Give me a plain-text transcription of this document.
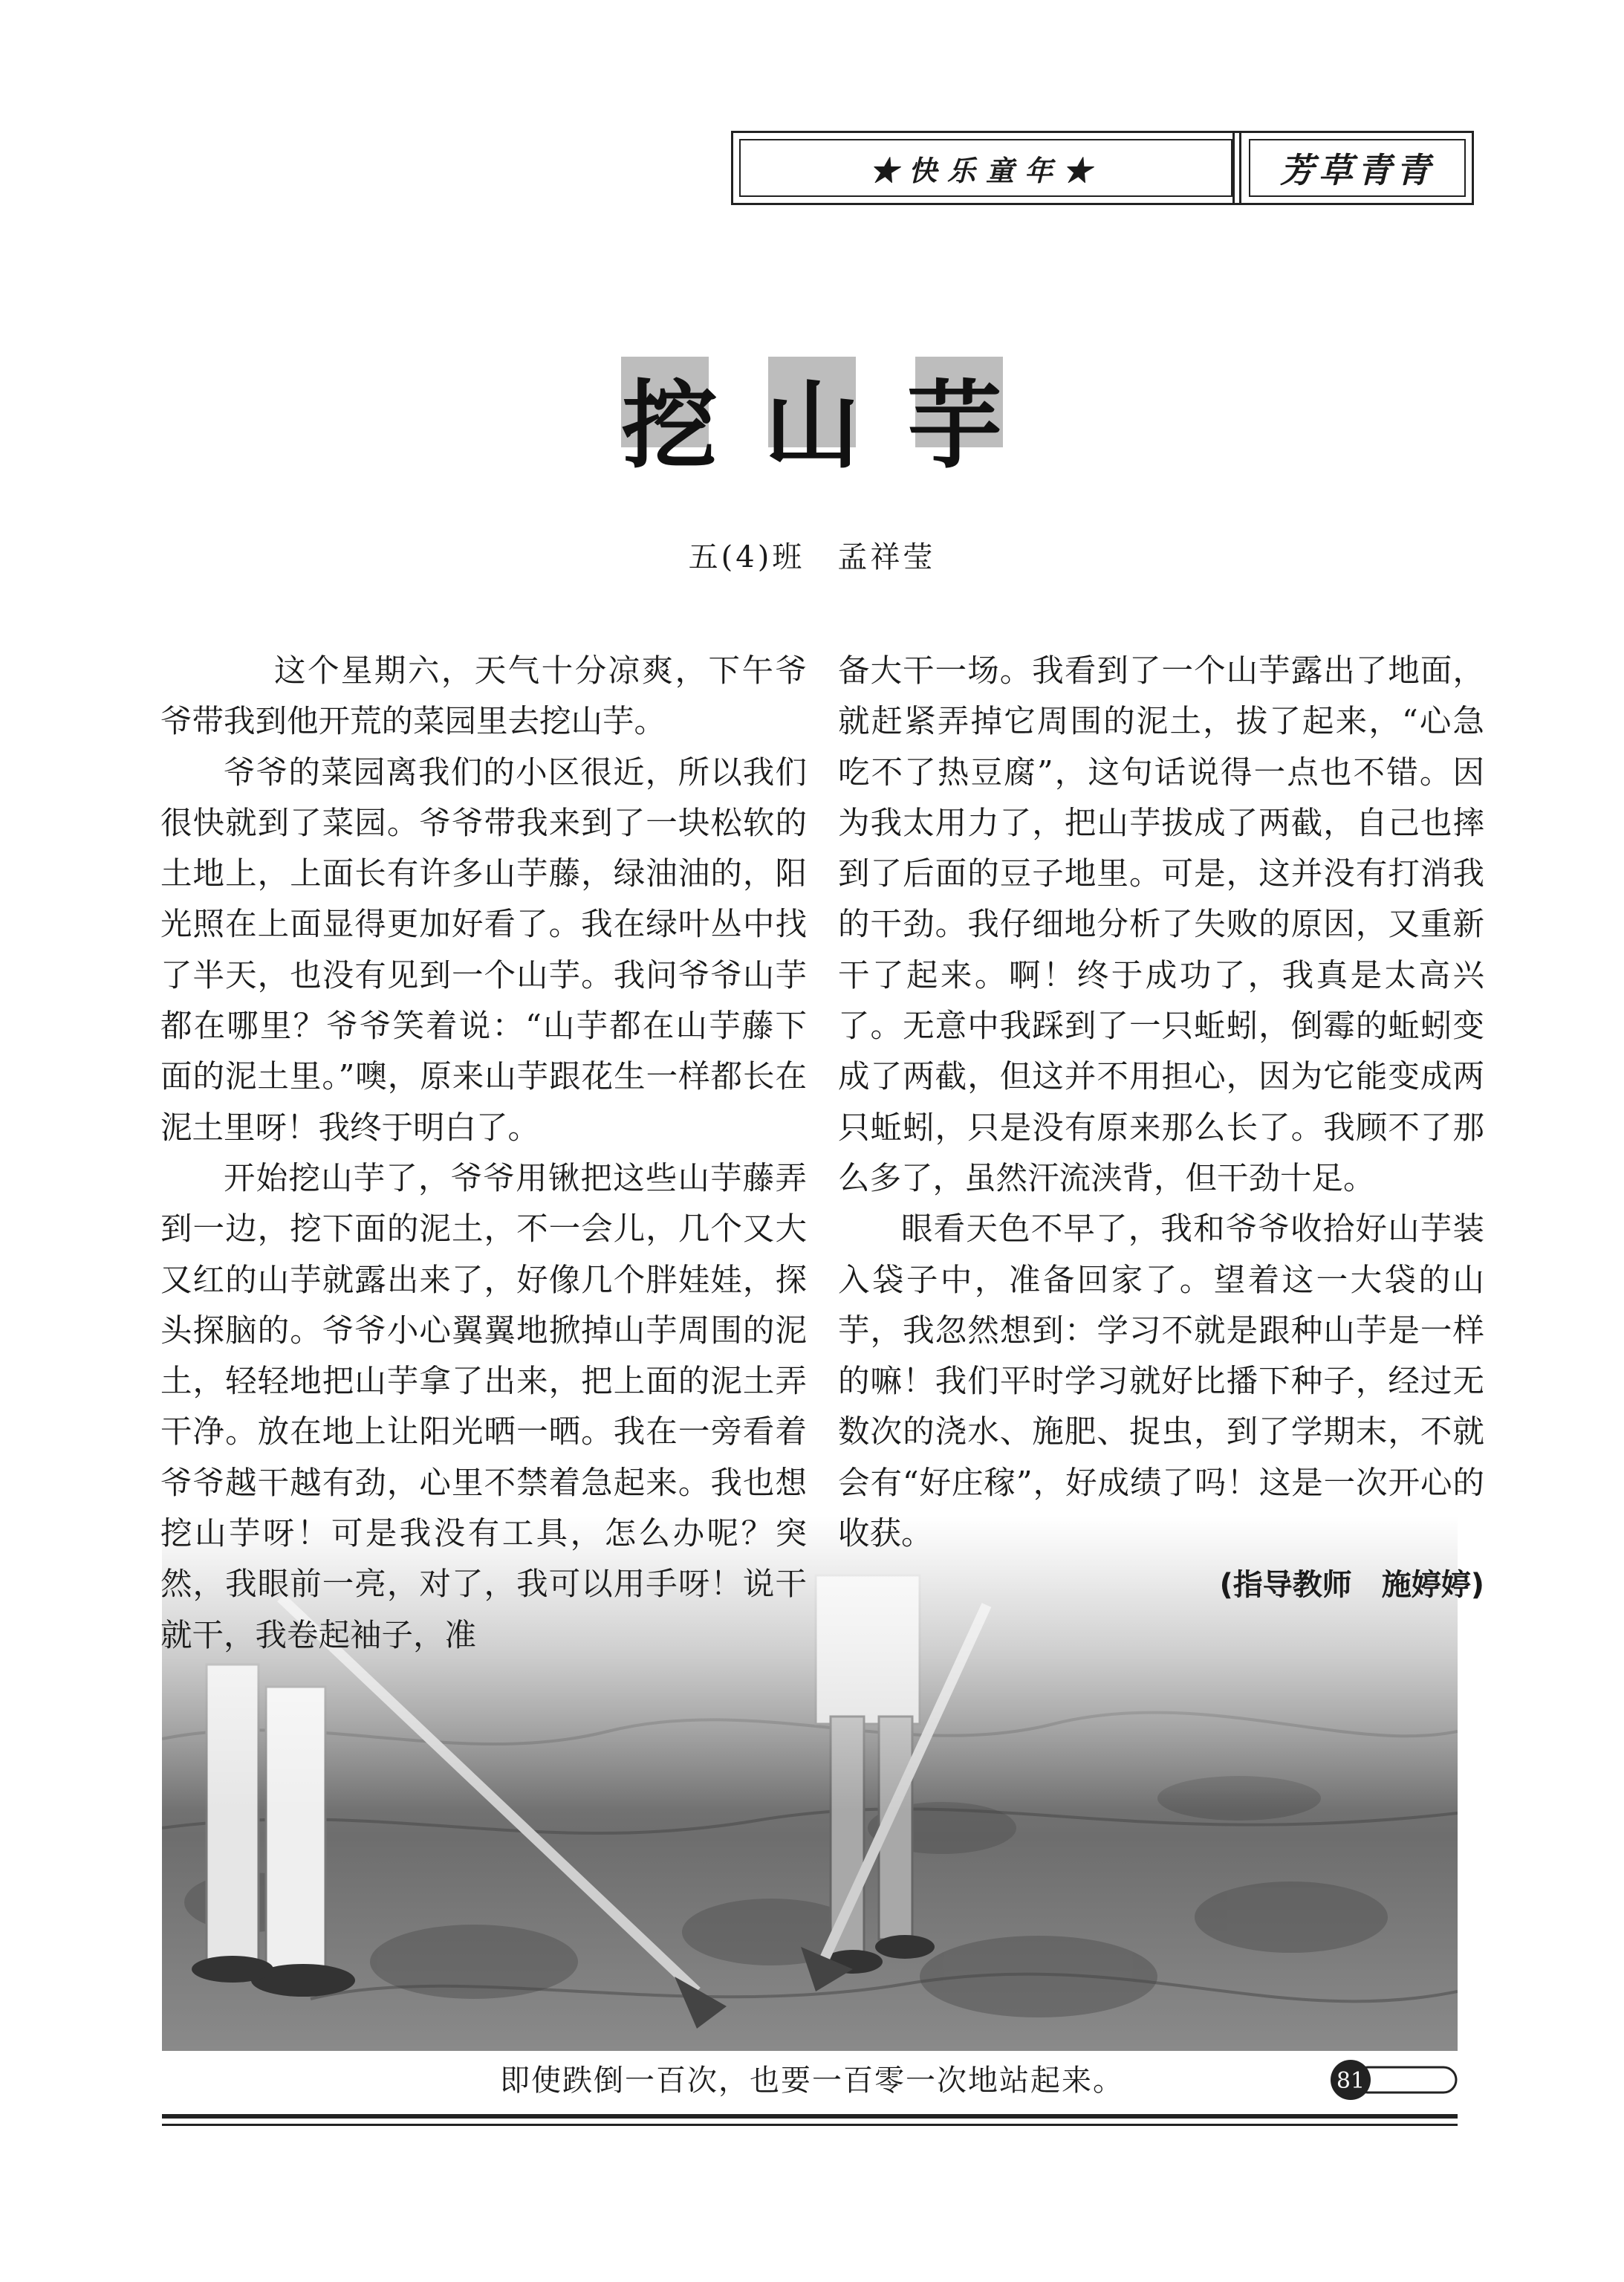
★快乐童年★	芳草青青
挖山芋
五(4)班　孟祥莹

这个星期六，天气十分凉爽，下午爷爷带我到他开荒的菜园里去挖山芋。

爷爷的菜园离我们的小区很近，所以我们很快就到了菜园。爷爷带我来到了一块松软的土地上，上面长有许多山芋藤，绿油油的，阳光照在上面显得更加好看了。我在绿叶丛中找了半天，也没有见到一个山芋。我问爷爷山芋都在哪里？爷爷笑着说：“山芋都在山芋藤下面的泥土里。”噢，原来山芋跟花生一样都长在泥土里呀！我终于明白了。

开始挖山芋了，爷爷用锹把这些山芋藤弄到一边，挖下面的泥土，不一会儿，几个又大又红的山芋就露出来了，好像几个胖娃娃，探头探脑的。爷爷小心翼翼地掀掉山芋周围的泥土，轻轻地把山芋拿了出来，把上面的泥土弄干净。放在地上让阳光晒一晒。我在一旁看着爷爷越干越有劲，心里不禁着急起来。我也想挖山芋呀！可是我没有工具，怎么办呢？突然，我眼前一亮，对了，我可以用手呀！说干就干，我卷起袖子，准

备大干一场。我看到了一个山芋露出了地面，就赶紧弄掉它周围的泥土，拔了起来，“心急吃不了热豆腐”，这句话说得一点也不错。因为我太用力了，把山芋拔成了两截，自己也摔到了后面的豆子地里。可是，这并没有打消我的干劲。我仔细地分析了失败的原因，又重新干了起来。啊！终于成功了，我真是太高兴了。无意中我踩到了一只蚯蚓，倒霉的蚯蚓变成了两截，但这并不用担心，因为它能变成两只蚯蚓，只是没有原来那么长了。我顾不了那么多了，虽然汗流浃背，但干劲十足。

眼看天色不早了，我和爷爷收拾好山芋装入袋子中，准备回家了。望着这一大袋的山芋，我忽然想到：学习不就是跟种山芋是一样的嘛！我们平时学习就好比播下种子，经过无数次的浇水、施肥、捉虫，到了学期末，不就会有“好庄稼”，好成绩了吗！这是一次开心的收获。

(指导教师　施婷婷)

即使跌倒一百次，也要一百零一次地站起来。	81
